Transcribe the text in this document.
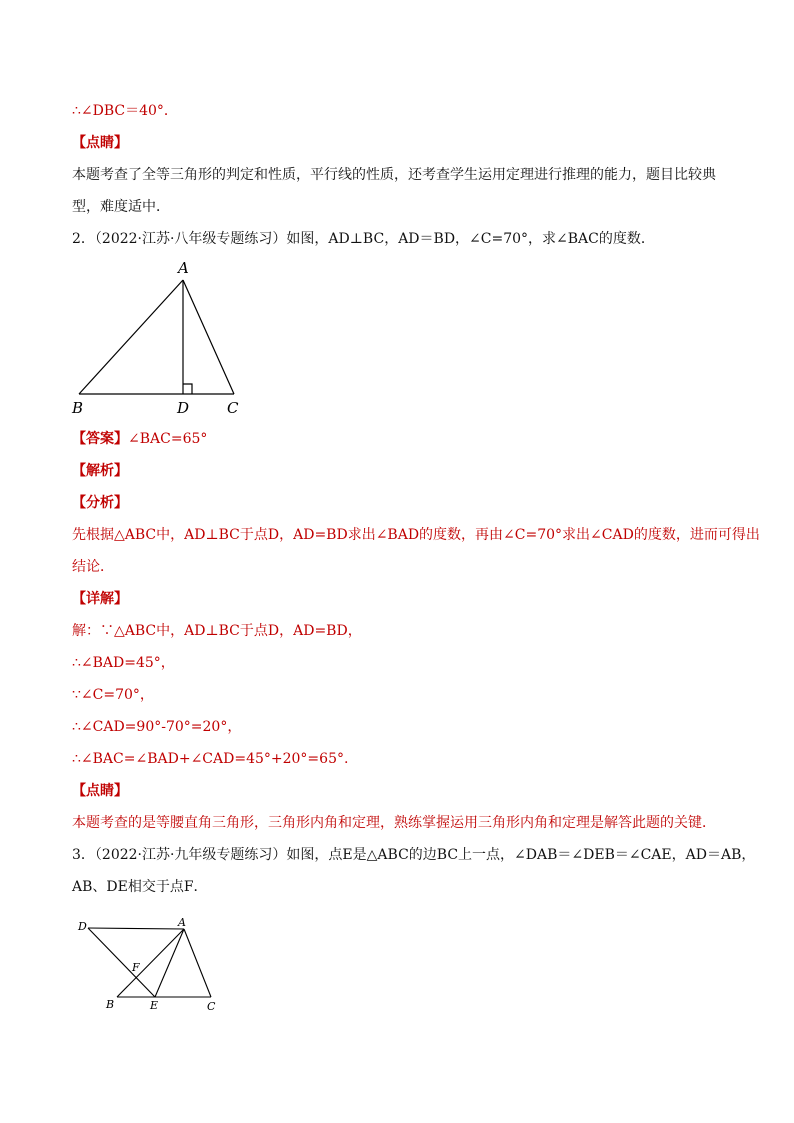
∴∠DBC＝40°．
【点睛】
本题考查了全等三角形的判定和性质，平行线的性质，还考查学生运用定理进行推理的能力，题目比较典
型，难度适中．
2．（2022·江苏·八年级专题练习）如图，AD⊥BC，AD＝BD，∠C=70°，求∠BAC的度数．
A
B	D	C
【答案】∠BAC=65°
【解析】
【分析】
先根据△ABC中，AD⊥BC于点D，AD=BD求出∠BAD的度数，再由∠C=70°求出∠CAD的度数，进而可得出
结论．
【详解】
解：∵△ABC中，AD⊥BC于点D，AD=BD，
∴∠BAD=45°，
∵∠C=70°，
∴∠CAD=90°-70°=20°，
∴∠BAC=∠BAD+∠CAD=45°+20°=65°.
【点睛】
本题考查的是等腰直角三角形，三角形内角和定理，熟练掌握运用三角形内角和定理是解答此题的关键．
3．（2022·江苏·九年级专题练习）如图，点E是△ABC的边BC上一点，∠DAB＝∠DEB＝∠CAE，AD＝AB，
AB、DE相交于点F．
D	A
F
B	E	C
